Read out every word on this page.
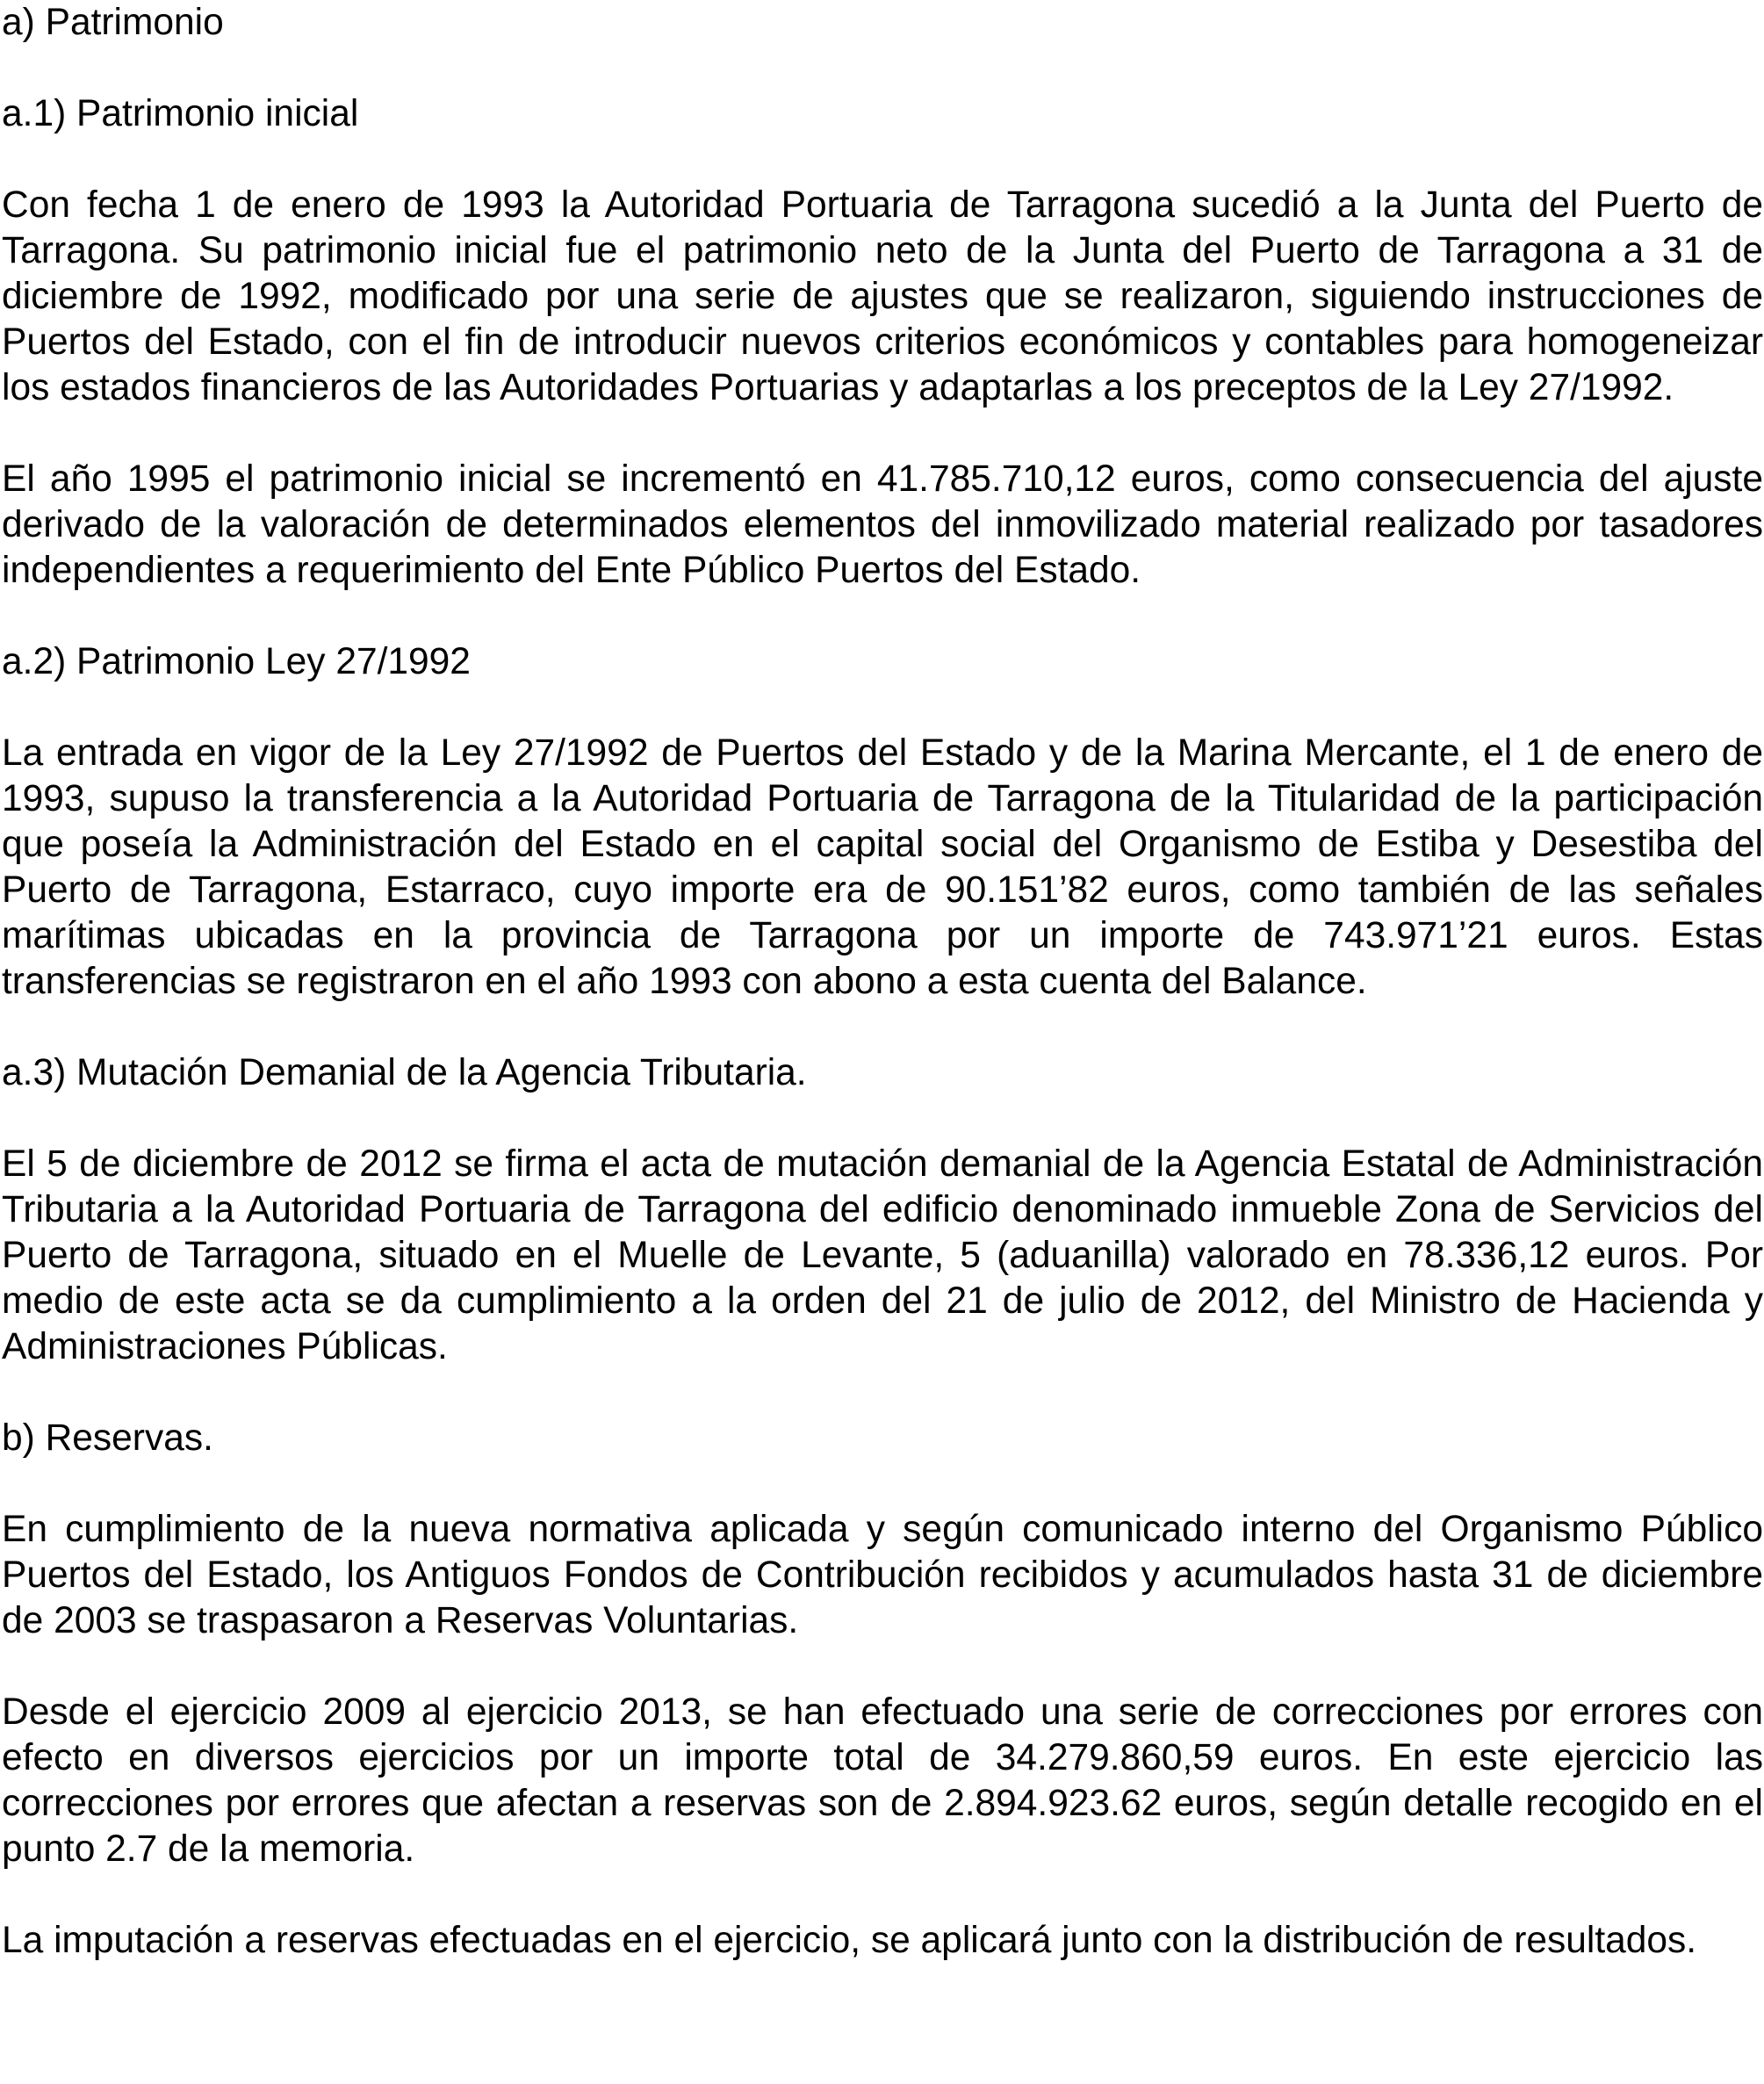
a) Patrimonio

a.1) Patrimonio inicial

Con fecha 1 de enero de 1993 la Autoridad Portuaria de Tarragona sucedió a la Junta del Puerto de Tarragona. Su patrimonio inicial fue el patrimonio neto de la Junta del Puerto de Tarragona a 31 de diciembre de 1992, modificado por una serie de ajustes que se realizaron, siguiendo instrucciones de Puertos del Estado, con el fin de introducir nuevos criterios económicos y contables para homogeneizar los estados financieros de las Autoridades Portuarias y adaptarlas a los preceptos de la Ley 27/1992.

El año 1995 el patrimonio inicial se incrementó en 41.785.710,12 euros, como consecuencia del ajuste derivado de la valoración de determinados elementos del inmovilizado material realizado por tasadores independientes a requerimiento del Ente Público Puertos del Estado.

a.2) Patrimonio Ley 27/1992

La entrada en vigor de la Ley 27/1992 de Puertos del Estado y de la Marina Mercante, el 1 de enero de 1993, supuso la transferencia a la Autoridad Portuaria de Tarragona de la Titularidad de la participación que poseía la Administración del Estado en el capital social del Organismo de Estiba y Desestiba del Puerto de Tarragona, Estarraco, cuyo importe era de 90.151’82 euros, como también de las señales marítimas ubicadas en la provincia de Tarragona por un importe de 743.971’21 euros. Estas transferencias se registraron en el año 1993 con abono a esta cuenta del Balance.

a.3) Mutación Demanial de la Agencia Tributaria.

El 5 de diciembre de 2012 se firma el acta de mutación demanial de la Agencia Estatal de Administración Tributaria a la Autoridad Portuaria de Tarragona del edificio denominado inmueble Zona de Servicios del Puerto de Tarragona, situado en el Muelle de Levante, 5 (aduanilla) valorado en 78.336,12 euros. Por medio de este acta se da cumplimiento a la orden del 21 de julio de 2012, del Ministro de Hacienda y Administraciones Públicas.

b) Reservas.

En cumplimiento de la nueva normativa aplicada y según comunicado interno del Organismo Público Puertos del Estado, los Antiguos Fondos de Contribución recibidos y acumulados hasta 31 de diciembre de 2003 se traspasaron a Reservas Voluntarias.

Desde el ejercicio 2009 al ejercicio 2013, se han efectuado una serie de correcciones por errores con efecto en diversos ejercicios por un importe total de 34.279.860,59 euros. En este ejercicio las correcciones por errores que afectan a reservas son de 2.894.923.62 euros, según detalle recogido en el punto 2.7 de la memoria.

La imputación a reservas efectuadas en el ejercicio, se aplicará junto con la distribución de resultados.
